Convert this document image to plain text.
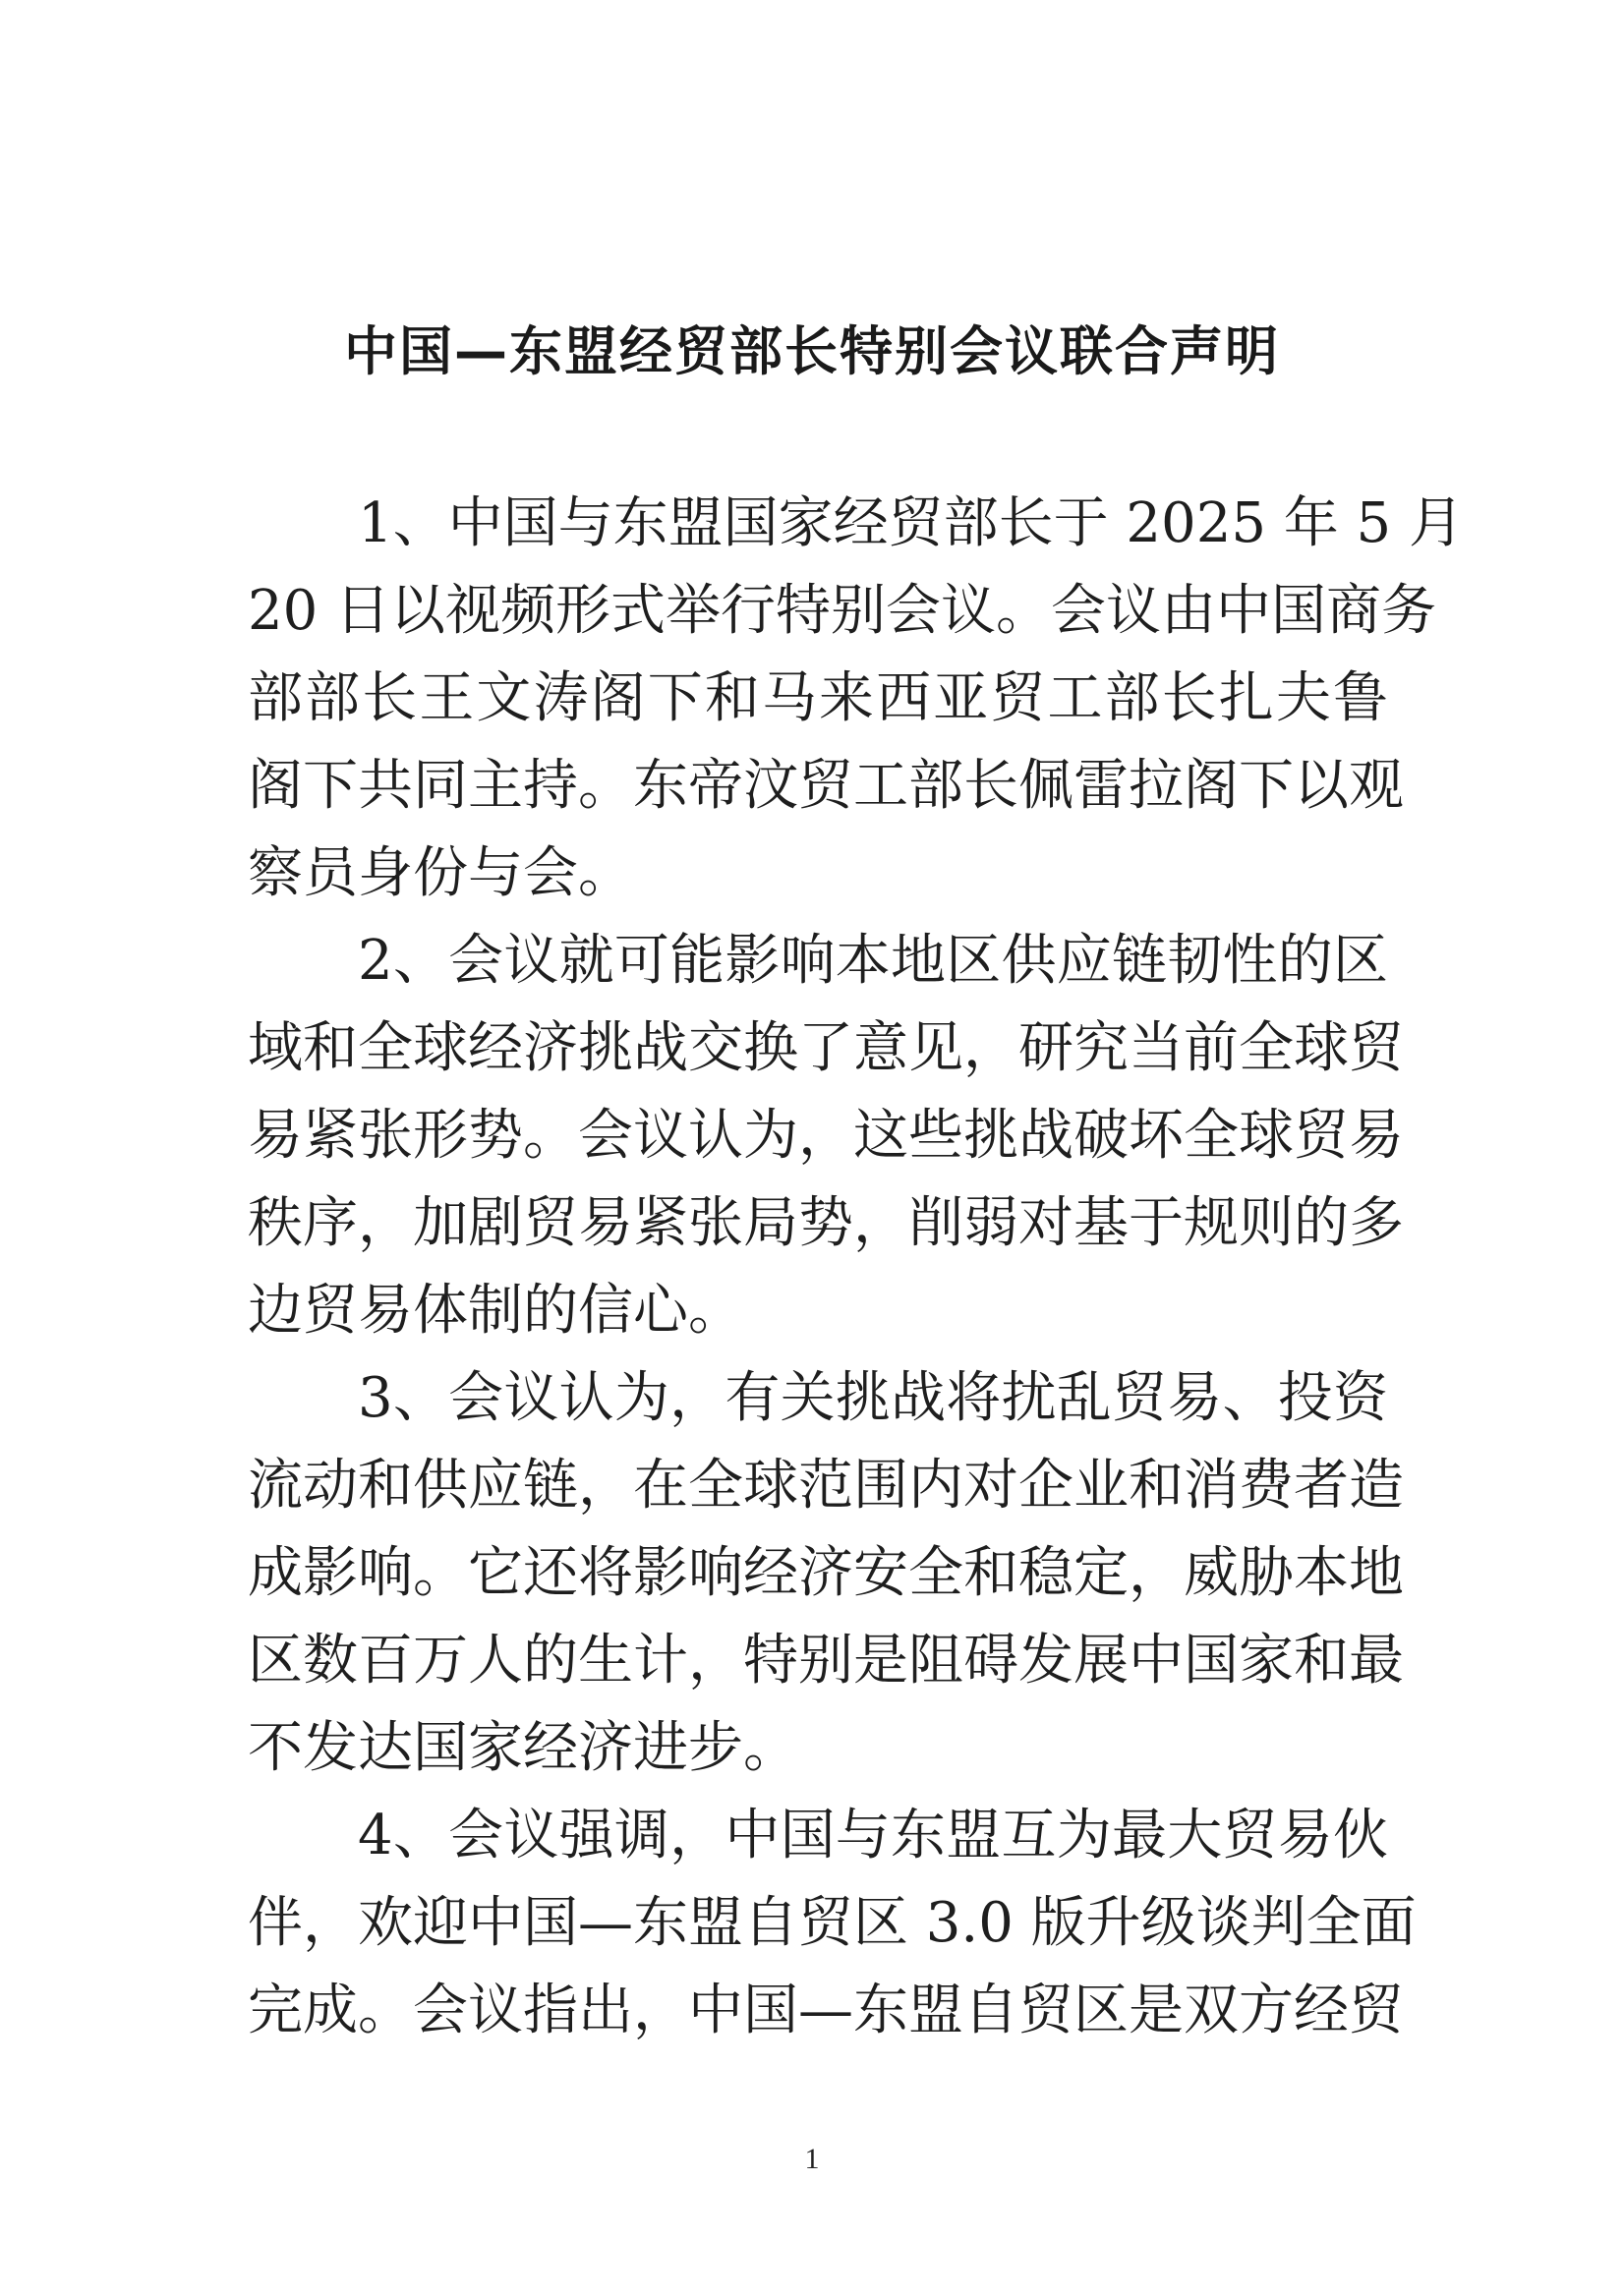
中国—东盟经贸部长特别会议联合声明
1、中国与东盟国家经贸部长于 2025 年 5 月
20 日以视频形式举行特别会议。会议由中国商务
部部长王文涛阁下和马来西亚贸工部长扎夫鲁
阁下共同主持。东帝汶贸工部长佩雷拉阁下以观
察员身份与会。
2、会议就可能影响本地区供应链韧性的区
域和全球经济挑战交换了意见，研究当前全球贸
易紧张形势。会议认为，这些挑战破坏全球贸易
秩序，加剧贸易紧张局势，削弱对基于规则的多
边贸易体制的信心。
3、会议认为，有关挑战将扰乱贸易、投资
流动和供应链，在全球范围内对企业和消费者造
成影响。它还将影响经济安全和稳定，威胁本地
区数百万人的生计，特别是阻碍发展中国家和最
不发达国家经济进步。
4、会议强调，中国与东盟互为最大贸易伙
伴，欢迎中国—东盟自贸区 3.0 版升级谈判全面
完成。会议指出，中国—东盟自贸区是双方经贸
1
